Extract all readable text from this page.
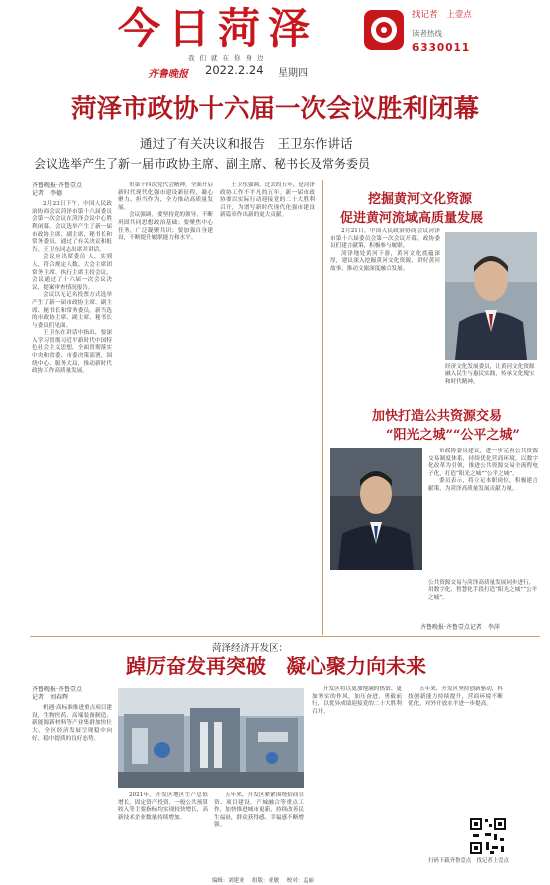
今日菏泽
我们就在你身边
齐鲁晚报 2022.2.24 星期四
找记者 上壹点
读者热线
6330011
菏泽市政协十六届一次会议胜利闭幕
通过了有关决议和报告　王卫东作讲话
会议选举产生了新一届市政协主席、副主席、秘书长及常务委员
齐鲁晚报·齐鲁壹点
记者　李德

2月23日下午，中国人民政治协商会议菏泽市第十六届委员会第一次会议在菏泽会议中心胜利闭幕。会议选举产生了新一届市政协主席、副主席、秘书长和常务委员，通过了有关决议和报告。王卫东同志出席并讲话。

会议应出席委员 人，实到 人，符合规定人数。大会主席团常务主席、执行主席主持会议，会议通过了十六届一次会议决议、提案审查情况报告。

会议以无记名投票方式选举产生了新一届市政协主席、副主席、秘书长和常务委员。新当选的市政协主席、副主席、秘书长与委员们见面。

王卫东在讲话中指出，要深入学习贯彻习近平新时代中国特色社会主义思想，全面贯彻落实中央和省委、市委决策部署，围绕中心、服务大局，推动新时代政协工作高质量发展。

市第十四次党代会精神，全面开启新时代现代化强市建设新征程，凝心聚力、担当作为，全力推动高质量发展。

会议强调，要坚持党的领导，不断巩固共同思想政治基础；要聚焦中心任务，广泛凝聚共识；要加强自身建设，不断提升履职能力和水平。

王卫东强调，过去的五年，是菏泽政协工作不平凡的五年。新一届市政协要以实际行动迎接党的二十大胜利召开，为谱写新时代现代化强市建设新篇章作出新的更大贡献。

挖掘黄河文化资源
促进黄河流域高质量发展

2月21日，中国人民政治协商会议菏泽市第十六届委员会第一次会议开幕，政协委员们建言献策，积极参与履职。

菏泽地处黄河下游，黄河文化底蕴深厚，建议深入挖掘黄河文化资源，讲好黄河故事，推动文旅深度融合发展。

经济文化发展委员，让黄河文化资源融入民生与惠民实践，传承文化瑰宝和时代精神。
加快打造公共资源交易
“阳光之城”“公平之城”

市政协委员建议，进一步完善公共资源交易制度体系，持续优化营商环境，以数字化改革为引领，推进公共资源交易全流程电子化，打造“阳光之城”“公平之城”。

委员表示，将立足本职岗位，积极建言献策，为菏泽高质量发展贡献力量。

公共资源交易与菏泽高质量发展同步进行，用数字化、智慧化手段打造“阳光之城”“公平之城”。
齐鲁晚报·齐鲁壹点记者　李萍
菏泽经济开发区：
踔厉奋发再突破　凝心聚力向未来
齐鲁晚报·齐鲁壹点
记者　刘春辉

机遇·高标准推进重点项目建设，生物医药、高端装备制造、新能源新材料等产业集群加快壮大，全区经济发展呈现稳中向好、稳中提质的良好态势。

2021年，开发区地区生产总值增长，固定资产投资、一般公共预算收入等主要指标均实现较快增长，高新技术企业数量持续增加。

五年来，开发区紧紧围绕招商引资、项目建设、产城融合等重点工作，加快推进城市更新，持续改善民生福祉，群众获得感、幸福感不断增强。

开发区将以更加饱满的热情、更加务实的作风，加压奋进、勇毅前行，以优异成绩迎接党的二十大胜利召开。

五年来，开发区坚持创新驱动，科技创新能力持续提升，营商环境不断优化，对外开放水平进一步提高。

扫码下载齐鲁壹点　找记者上壹点
编辑：刘建业 组版：亚敏 校对：孟丽
